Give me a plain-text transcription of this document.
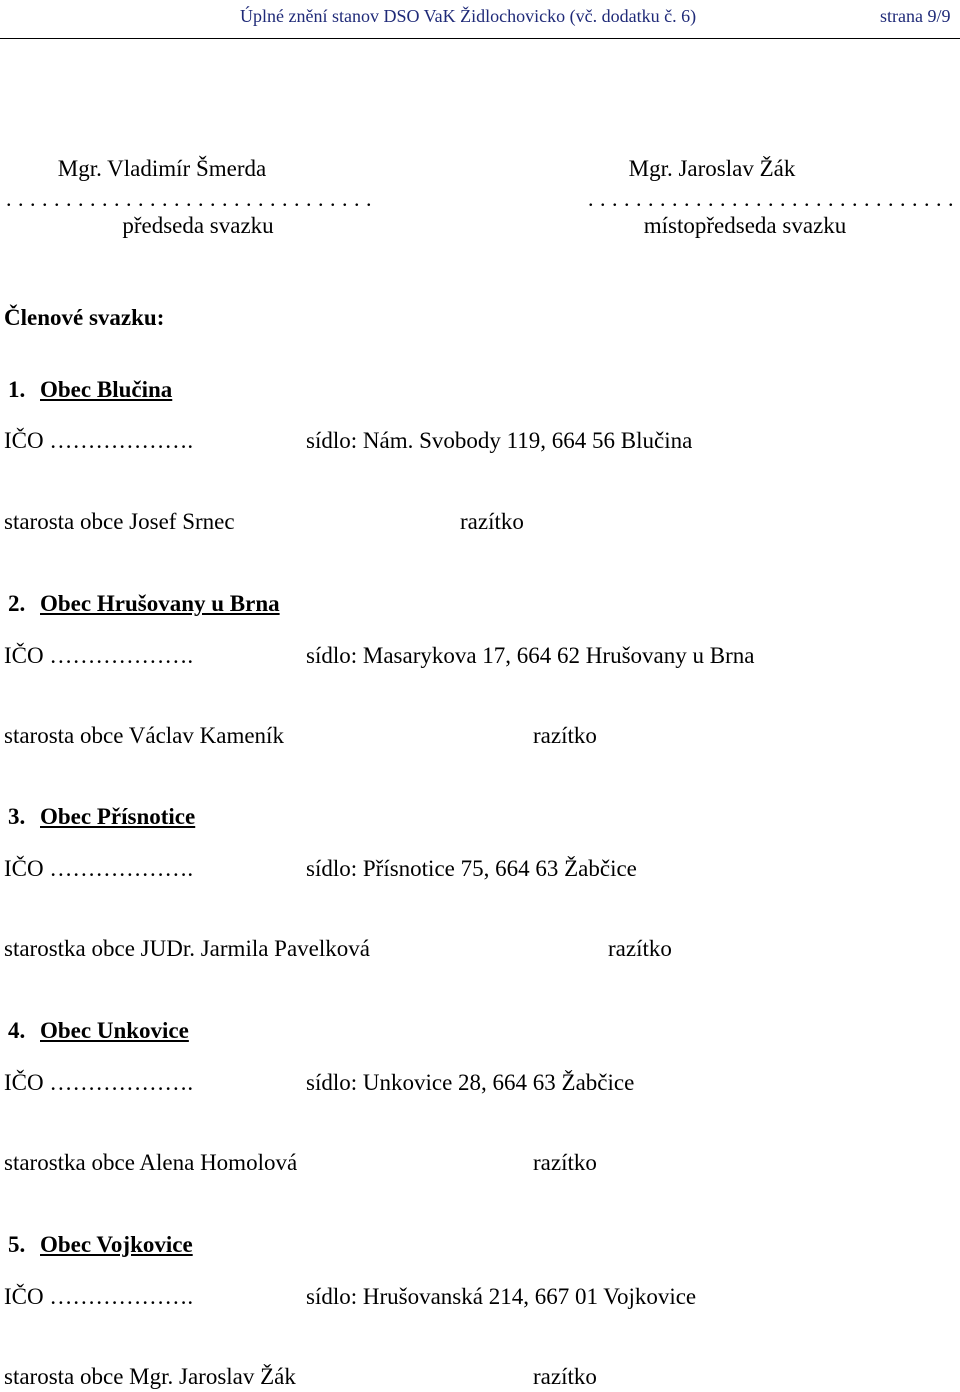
Úplné znění stanov DSO VaK Židlochovicko (vč. dodatku č. 6)	strana 9/9
Mgr. Vladimír Šmerda
. . . . . . . . . . . . . . . . . . . . . . . . . . . . . . .
předseda svazku
Mgr. Jaroslav Žák
. . . . . . . . . . . . . . . . . . . . . . . . . . . . . . .
místopředseda svazku
Členové svazku:
1. Obec Blučina
IČO ……………….	sídlo: Nám. Svobody 119, 664 56 Blučina
starosta obce Josef Srnec	razítko
2. Obec Hrušovany u Brna
IČO ……………….	sídlo: Masarykova 17, 664 62 Hrušovany u Brna
starosta obce Václav Kameník	razítko
3. Obec Přísnotice
IČO ……………….	sídlo: Přísnotice 75, 664 63 Žabčice
starostka obce JUDr. Jarmila Pavelková	razítko
4. Obec Unkovice
IČO ……………….	sídlo: Unkovice 28, 664 63 Žabčice
starostka obce Alena Homolová	razítko
5. Obec Vojkovice
IČO ……………….	sídlo: Hrušovanská 214, 667 01 Vojkovice
starosta obce Mgr. Jaroslav Žák	razítko
